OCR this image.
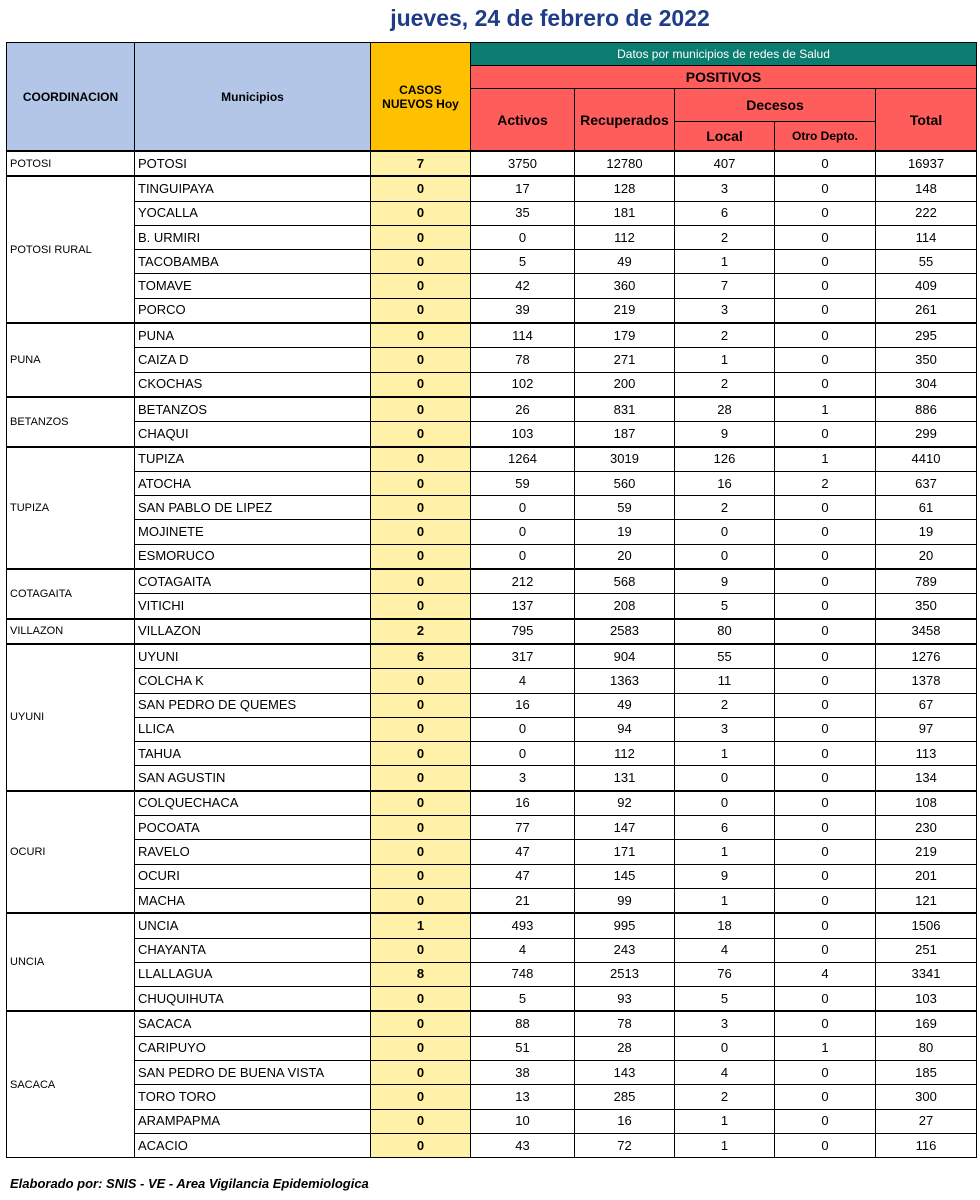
jueves, 24 de febrero de 2022
COORDINACION	Municipios	CASOS NUEVOS Hoy	Datos por municipios de redes de Salud				
			POSITIVOS				
			Activos	Recuperados	Decesos		Total
					Local	Otro Depto.	
POTOSI	POTOSI	7	3750	12780	407	0	16937
POTOSI RURAL	TINGUIPAYA	0	17	128	3	0	148
	YOCALLA	0	35	181	6	0	222
	B. URMIRI	0	0	112	2	0	114
	TACOBAMBA	0	5	49	1	0	55
	TOMAVE	0	42	360	7	0	409
	PORCO	0	39	219	3	0	261
PUNA	PUNA	0	114	179	2	0	295
	CAIZA D	0	78	271	1	0	350
	CKOCHAS	0	102	200	2	0	304
BETANZOS	BETANZOS	0	26	831	28	1	886
	CHAQUI	0	103	187	9	0	299
TUPIZA	TUPIZA	0	1264	3019	126	1	4410
	ATOCHA	0	59	560	16	2	637
	SAN PABLO DE LIPEZ	0	0	59	2	0	61
	MOJINETE	0	0	19	0	0	19
	ESMORUCO	0	0	20	0	0	20
COTAGAITA	COTAGAITA	0	212	568	9	0	789
	VITICHI	0	137	208	5	0	350
VILLAZON	VILLAZON	2	795	2583	80	0	3458
UYUNI	UYUNI	6	317	904	55	0	1276
	COLCHA K	0	4	1363	11	0	1378
	SAN PEDRO DE QUEMES	0	16	49	2	0	67
	LLICA	0	0	94	3	0	97
	TAHUA	0	0	112	1	0	113
	SAN AGUSTIN	0	3	131	0	0	134
OCURI	COLQUECHACA	0	16	92	0	0	108
	POCOATA	0	77	147	6	0	230
	RAVELO	0	47	171	1	0	219
	OCURI	0	47	145	9	0	201
	MACHA	0	21	99	1	0	121
UNCIA	UNCIA	1	493	995	18	0	1506
	CHAYANTA	0	4	243	4	0	251
	LLALLAGUA	8	748	2513	76	4	3341
	CHUQUIHUTA	0	5	93	5	0	103
SACACA	SACACA	0	88	78	3	0	169
	CARIPUYO	0	51	28	0	1	80
	SAN PEDRO DE BUENA VISTA	0	38	143	4	0	185
	TORO TORO	0	13	285	2	0	300
	ARAMPAPMA	0	10	16	1	0	27
	ACACIO	0	43	72	1	0	116
Elaborado por: SNIS - VE - Area Vigilancia Epidemiologica
